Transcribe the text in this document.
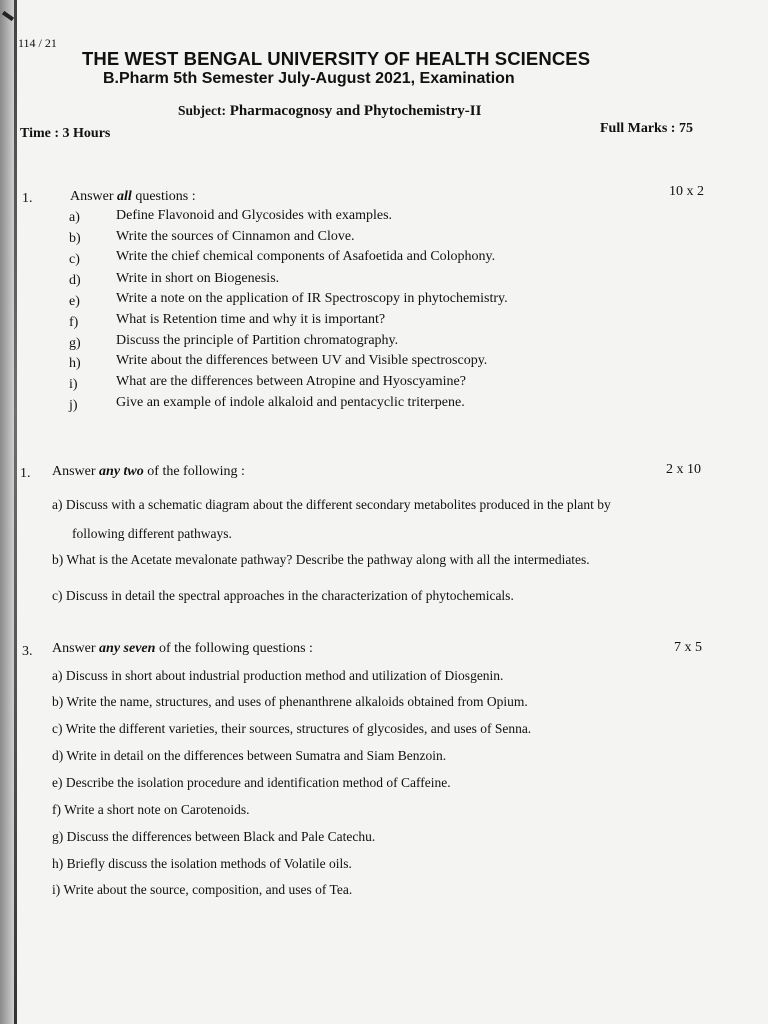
114 / 21
THE WEST BENGAL UNIVERSITY OF HEALTH SCIENCES
B.Pharm 5th Semester July-August 2021, Examination
Subject: Pharmacognosy and Phytochemistry-II
Time : 3 Hours	Full Marks : 75
1.	Answer all questions :	10 x 2
a)	Define Flavonoid and Glycosides with examples.
b)	Write the sources of Cinnamon and Clove.
c)	Write the chief chemical components of Asafoetida and Colophony.
d)	Write in short on Biogenesis.
e)	Write a note on the application of IR Spectroscopy in phytochemistry.
f)	What is Retention time and why it is important?
g)	Discuss the principle of Partition chromatography.
h)	Write about the differences between UV and Visible spectroscopy.
i)	What are the differences between Atropine and Hyoscyamine?
j)	Give an example of indole alkaloid and pentacyclic triterpene.
1. Answer any two of the following :	2 x 10
a) Discuss with a schematic diagram about the different secondary metabolites produced in the plant by
following different pathways.
b) What is the Acetate mevalonate pathway? Describe the pathway along with all the intermediates.
c) Discuss in detail the spectral approaches in the characterization of phytochemicals.
3. Answer any seven of the following questions :	7 x 5
a) Discuss in short about industrial production method and utilization of Diosgenin.
b) Write the name, structures, and uses of phenanthrene alkaloids obtained from Opium.
c) Write the different varieties, their sources, structures of glycosides, and uses of Senna.
d) Write in detail on the differences between Sumatra and Siam Benzoin.
e) Describe the isolation procedure and identification method of Caffeine.
f) Write a short note on Carotenoids.
g) Discuss the differences between Black and Pale Catechu.
h) Briefly discuss the isolation methods of Volatile oils.
i) Write about the source, composition, and uses of Tea.
